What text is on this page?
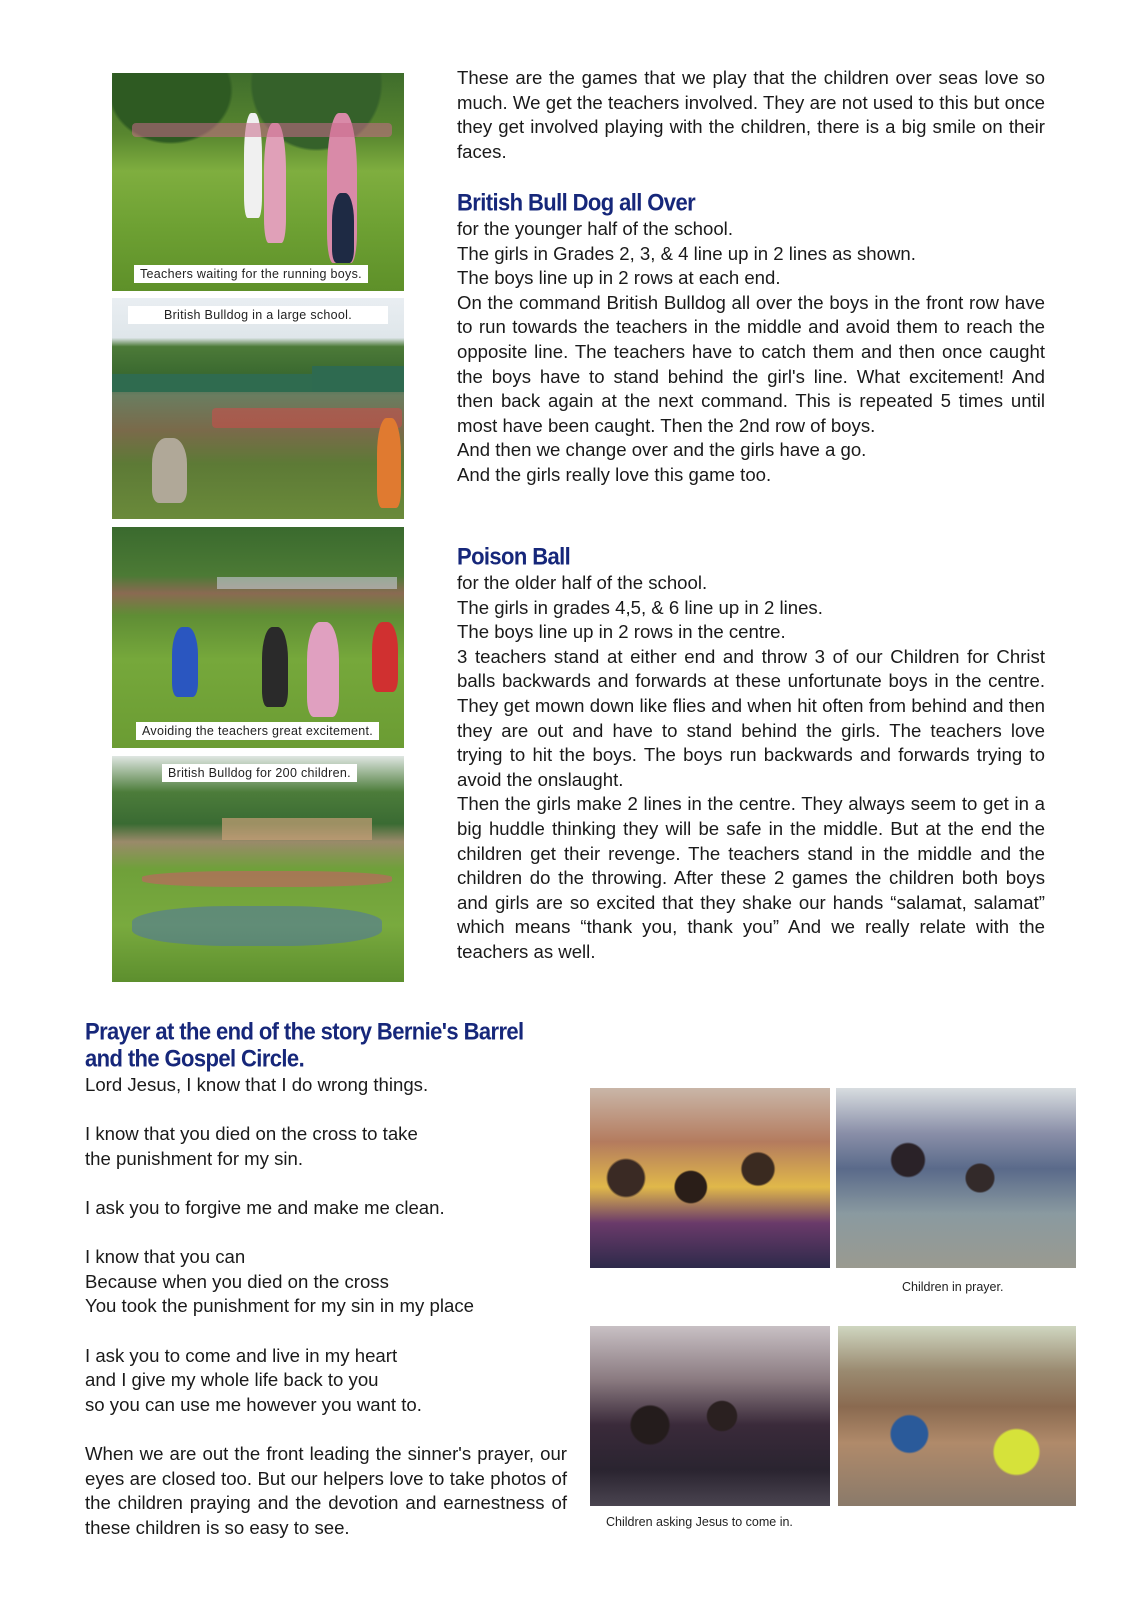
Teachers waiting for the running boys.
British Bulldog in a large school.
Avoiding the teachers great excitement.
British Bulldog for 200 children.

These are the games that we play that the children over seas love so much. We get the teachers involved. They are not used to this but once they get involved playing with the children, there is a big smile on their faces.

British Bull Dog all Over

for the younger half of the school.

The girls in Grades 2, 3, & 4 line up in 2 lines as shown.

The boys line up in 2 rows at each end.

On the command British Bulldog all over the boys in the front row have to run towards the teachers in the middle and avoid them to reach the opposite line. The teachers have to catch them and then once caught the boys have to stand behind the girl's line. What excitement! And then back again at the next command. This is repeated 5 times until most have been caught. Then the 2nd row of boys.

And then we change over and the girls have a go.

And the girls really love this game too.

Poison Ball

for the older half of the school.

The girls in grades 4,5, & 6 line up in 2 lines.

The boys line up in 2 rows in the centre.

3 teachers stand at either end and throw 3 of our Children for Christ balls backwards and forwards at these unfortunate boys in the centre. They get mown down like flies and when hit often from behind and then they are out and have to stand behind the girls. The teachers love trying to hit the boys. The boys run backwards and forwards trying to avoid the onslaught.

Then the girls make 2 lines in the centre. They always seem to get in a big huddle thinking they will be safe in the middle. But at the end the children get their revenge. The teachers stand in the middle and the children do the throwing. After these 2 games the children both boys and girls are so excited that they shake our hands “salamat, salamat” which means “thank you, thank you” And we really relate with the teachers as well.

Prayer at the end of the story Bernie's Barrel
and the Gospel Circle.

Lord Jesus, I know that I do wrong things.

I know that you died on the cross to take

the punishment for my sin.

I ask you to forgive me and make me clean.

I know that you can

Because when you died on the cross

You took the punishment for my sin in my place

I ask you to come and live in my heart

and I give my whole life back to you

so you can use me however you want to.

When we are out the front leading the sinner's prayer, our eyes are closed too. But our helpers love to take photos of the children praying and the devotion and earnestness of these children is so easy to see.

Children in prayer.
Children asking Jesus to come in.
